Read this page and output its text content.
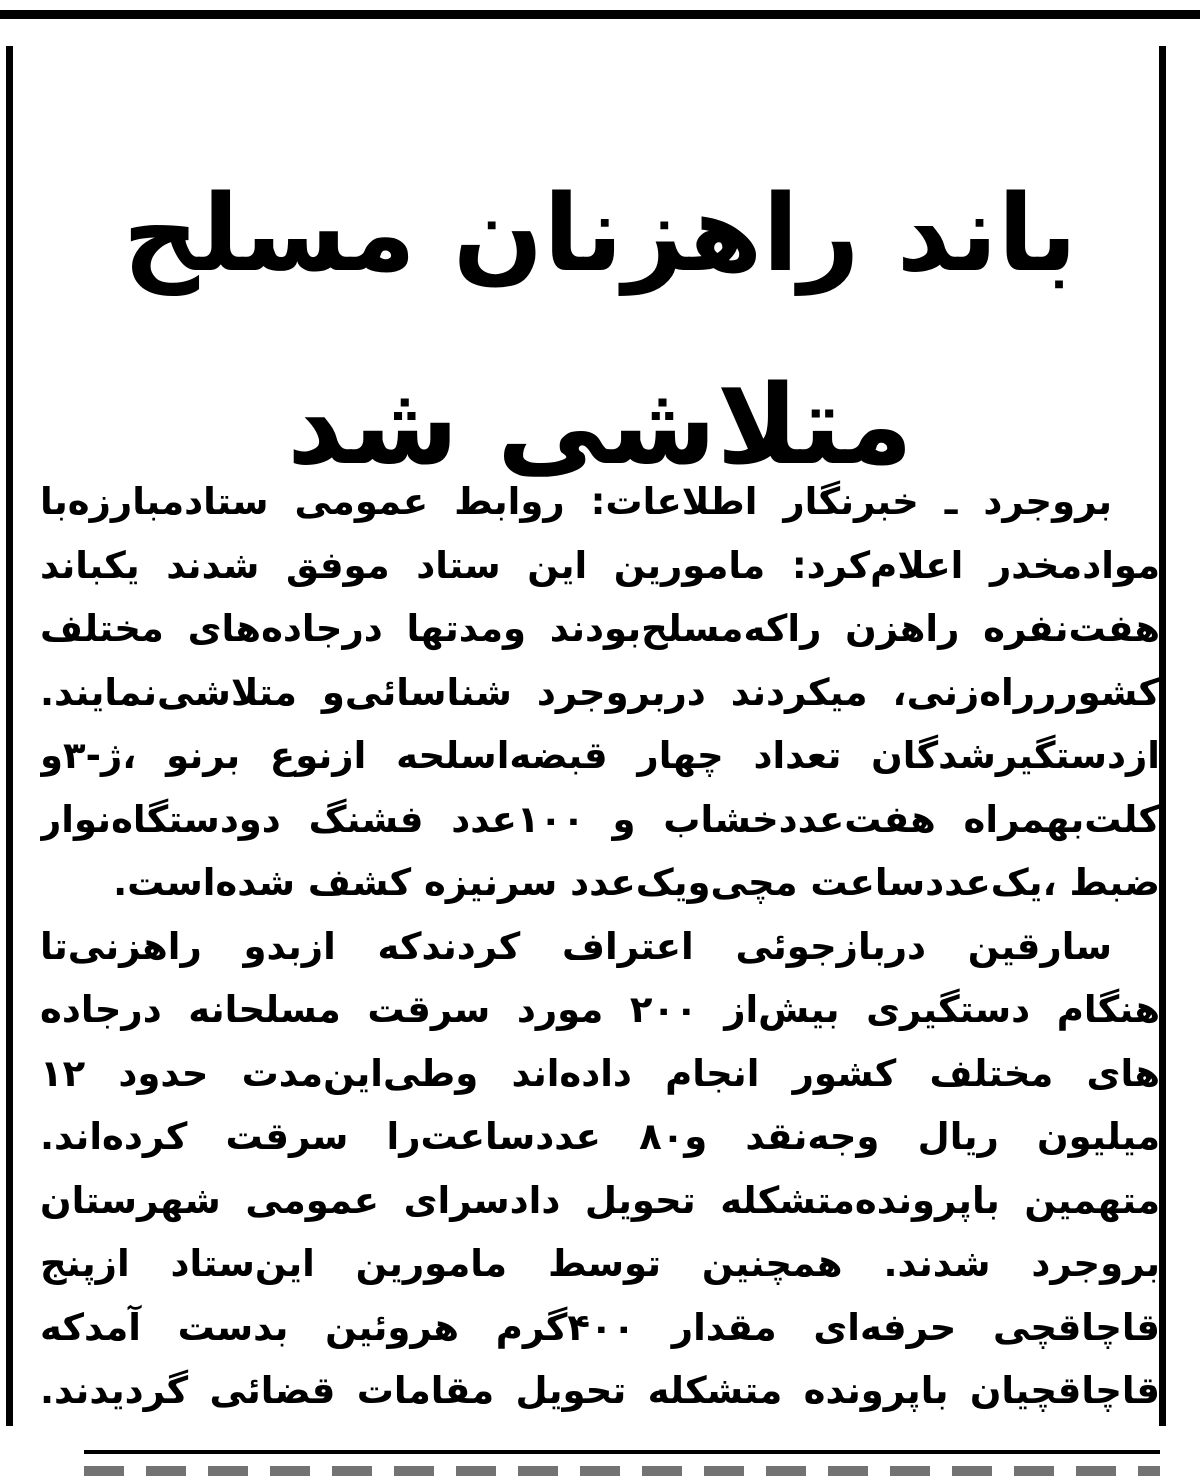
باند راهزنان مسلح
متلاشی شد
بروجرد ـ خبرنگار اطلاعات: روابط عمومی ستادمبارزه‌با
موادمخدر اعلام‌کرد: مامورین این ستاد موفق شدند یکباند
هفت‌نفره راهزن راکه‌مسلح‌بودند ومدتها درجاده‌های مختلف
کشوررراه‌زنی، میکردند دربروجرد شناسائی‌و متلاشی‌نمایند.
ازدستگیرشدگان تعداد چهار قبضه‌اسلحه ازنوع برنو ،ژ-۳و
کلت‌بهمراه هفت‌عددخشاب و ۱۰۰عدد فشنگ دودستگاه‌نوار
ضبط ،یک‌عددساعت مچی‌ویک‌عدد سرنیزه کشف شده‌است.
سارقین دربازجوئی اعتراف کردندکه ازبدو راهزنی‌تا
هنگام دستگیری بیش‌از ۲۰۰ مورد سرقت مسلحانه درجاده
های مختلف کشور انجام داده‌اند وطی‌این‌مدت حدود ۱۲
میلیون ریال وجه‌نقد و۸۰ عددساعت‌را سرقت کرده‌اند.
متهمین باپرونده‌متشکله تحویل دادسرای عمومی شهرستان
بروجرد شدند. همچنین توسط مامورین این‌ستاد ازپنج
قاچاقچی حرفه‌ای مقدار ۴۰۰گرم هروئین بدست آمدکه
قاچاقچیان باپرونده متشکله تحویل مقامات قضائی گردیدند.
